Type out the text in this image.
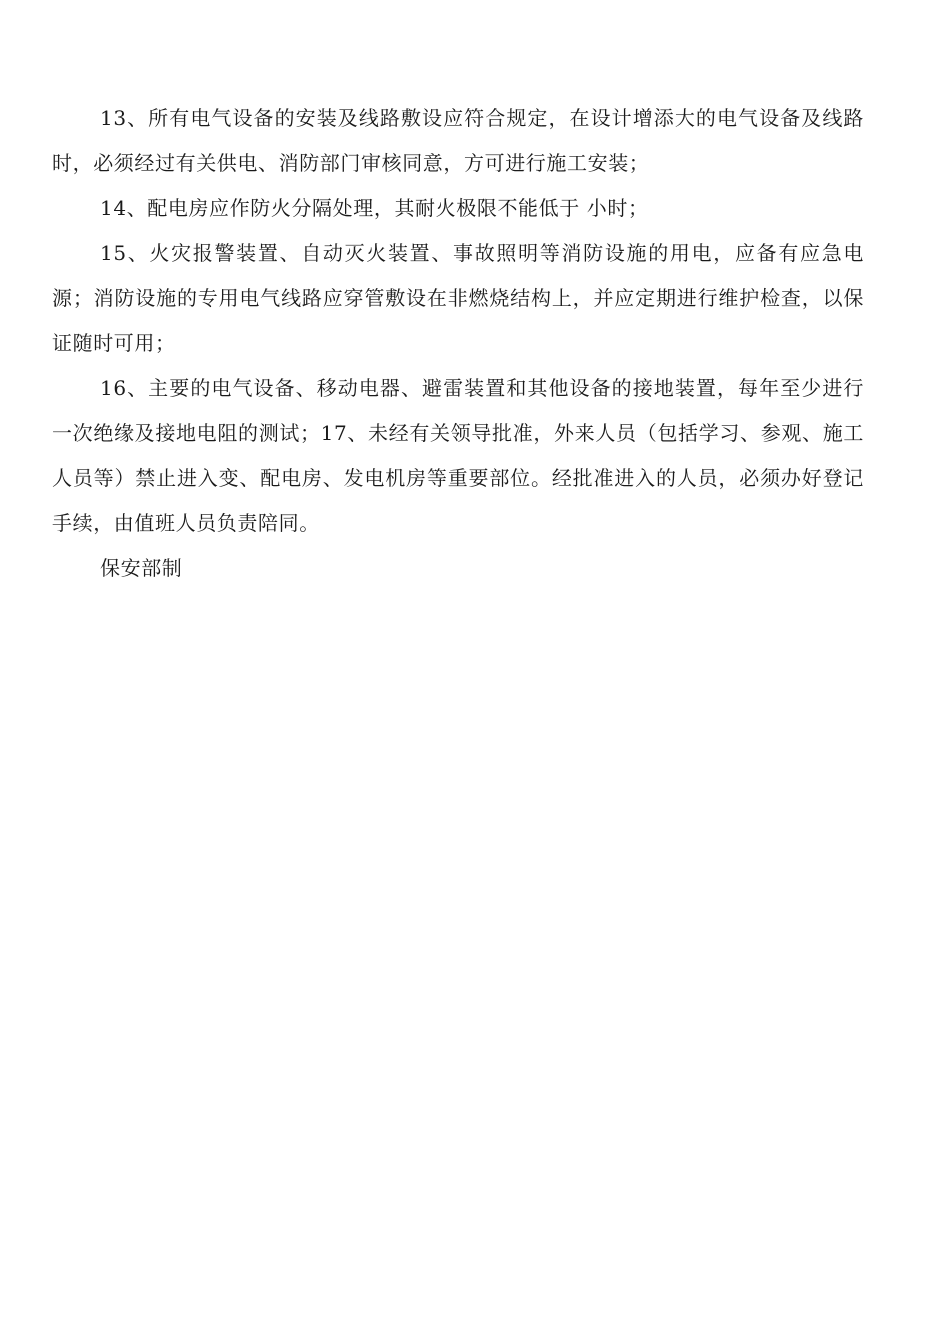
13、所有电气设备的安装及线路敷设应符合规定，在设计增添大的电气设备及线路时，必须经过有关供电、消防部门审核同意，方可进行施工安装；

14、配电房应作防火分隔处理，其耐火极限不能低于 小时；

15、火灾报警装置、自动灭火装置、事故照明等消防设施的用电，应备有应急电源；消防设施的专用电气线路应穿管敷设在非燃烧结构上，并应定期进行维护检查，以保证随时可用；

16、主要的电气设备、移动电器、避雷装置和其他设备的接地装置，每年至少进行一次绝缘及接地电阻的测试；17、未经有关领导批准，外来人员（包括学习、参观、施工人员等）禁止进入变、配电房、发电机房等重要部位。经批准进入的人员，必须办好登记手续，由值班人员负责陪同。

保安部制
